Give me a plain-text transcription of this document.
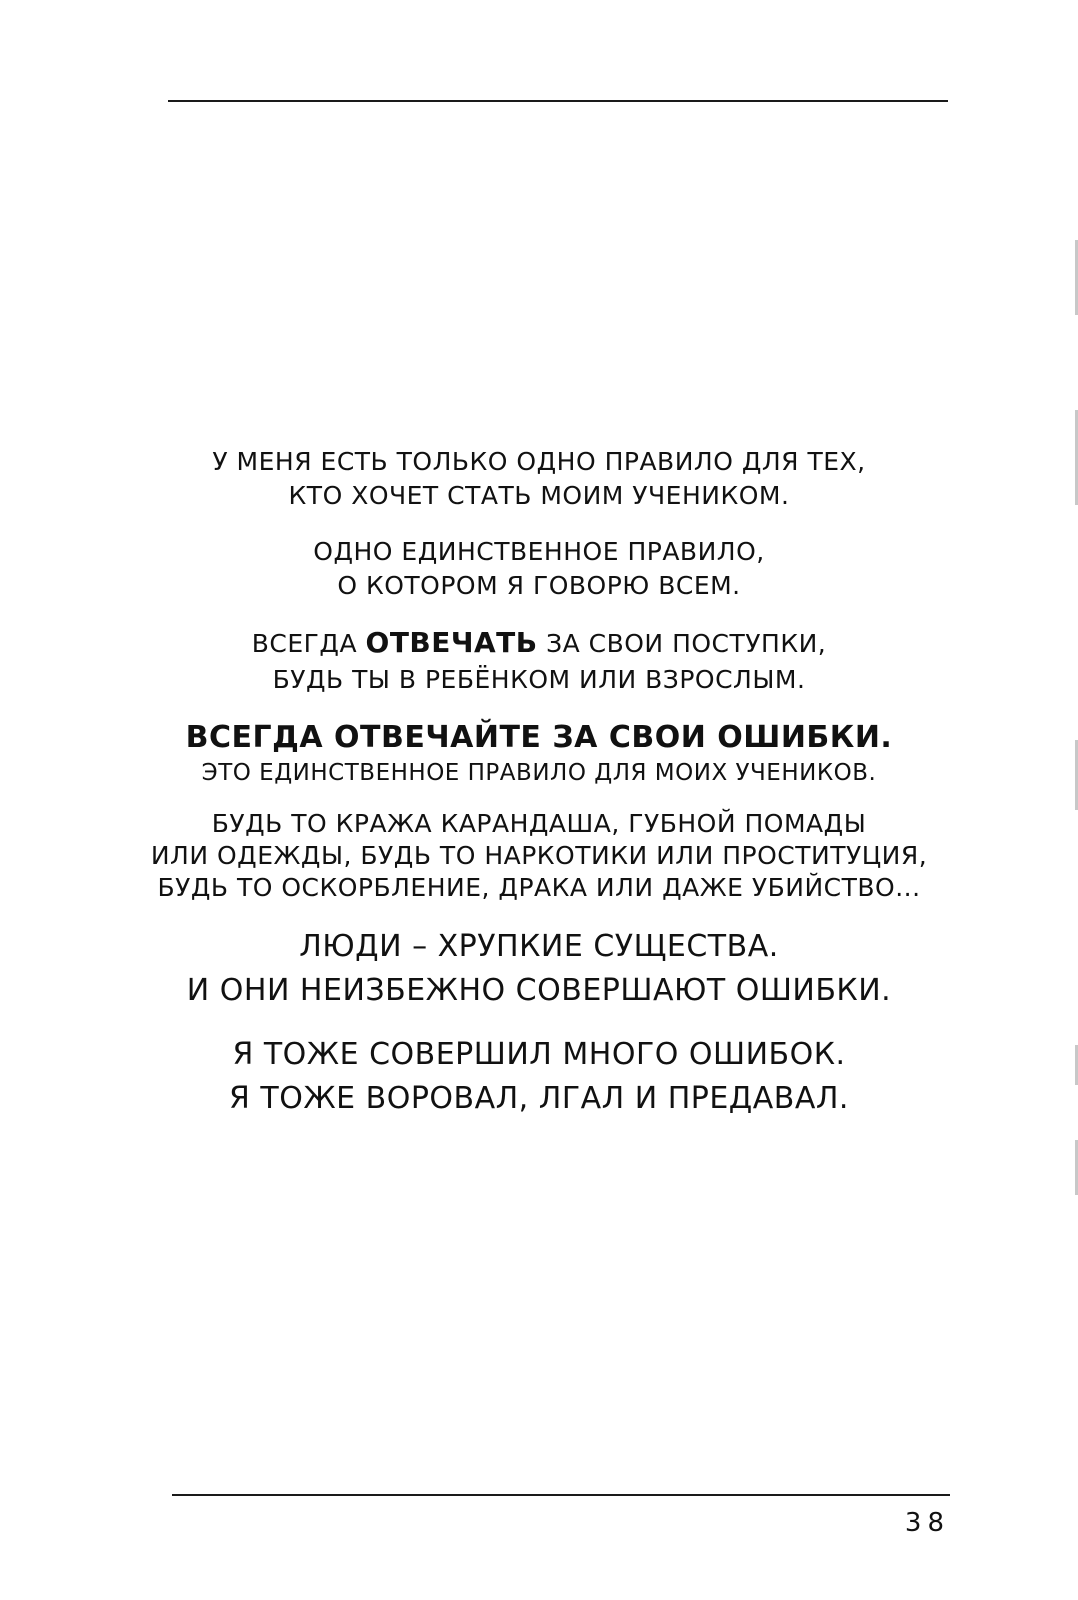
У МЕНЯ ЕСТЬ ТОЛЬКО ОДНО ПРАВИЛО ДЛЯ ТЕХ,
КТО ХОЧЕТ СТАТЬ МОИМ УЧЕНИКОМ.
ОДНО ЕДИНСТВЕННОЕ ПРАВИЛО,
О КОТОРОМ Я ГОВОРЮ ВСЕМ.
ВСЕГДА ОТВЕЧАТЬ ЗА СВОИ ПОСТУПКИ,
БУДЬ ТЫ В РЕБЁНКОМ ИЛИ ВЗРОСЛЫМ.
ВСЕГДА ОТВЕЧАЙТЕ ЗА СВОИ ОШИБКИ.
ЭТО ЕДИНСТВЕННОЕ ПРАВИЛО ДЛЯ МОИХ УЧЕНИКОВ.
БУДЬ ТО КРАЖА КАРАНДАША, ГУБНОЙ ПОМАДЫ
ИЛИ ОДЕЖДЫ, БУДЬ ТО НАРКОТИКИ ИЛИ ПРОСТИТУЦИЯ,
БУДЬ ТО ОСКОРБЛЕНИЕ, ДРАКА ИЛИ ДАЖЕ УБИЙСТВО...
ЛЮДИ – ХРУПКИЕ СУЩЕСТВА.
И ОНИ НЕИЗБЕЖНО СОВЕРШАЮТ ОШИБКИ.
Я ТОЖЕ СОВЕРШИЛ МНОГО ОШИБОК.
Я ТОЖЕ ВОРОВАЛ, ЛГАЛ И ПРЕДАВАЛ.
38
